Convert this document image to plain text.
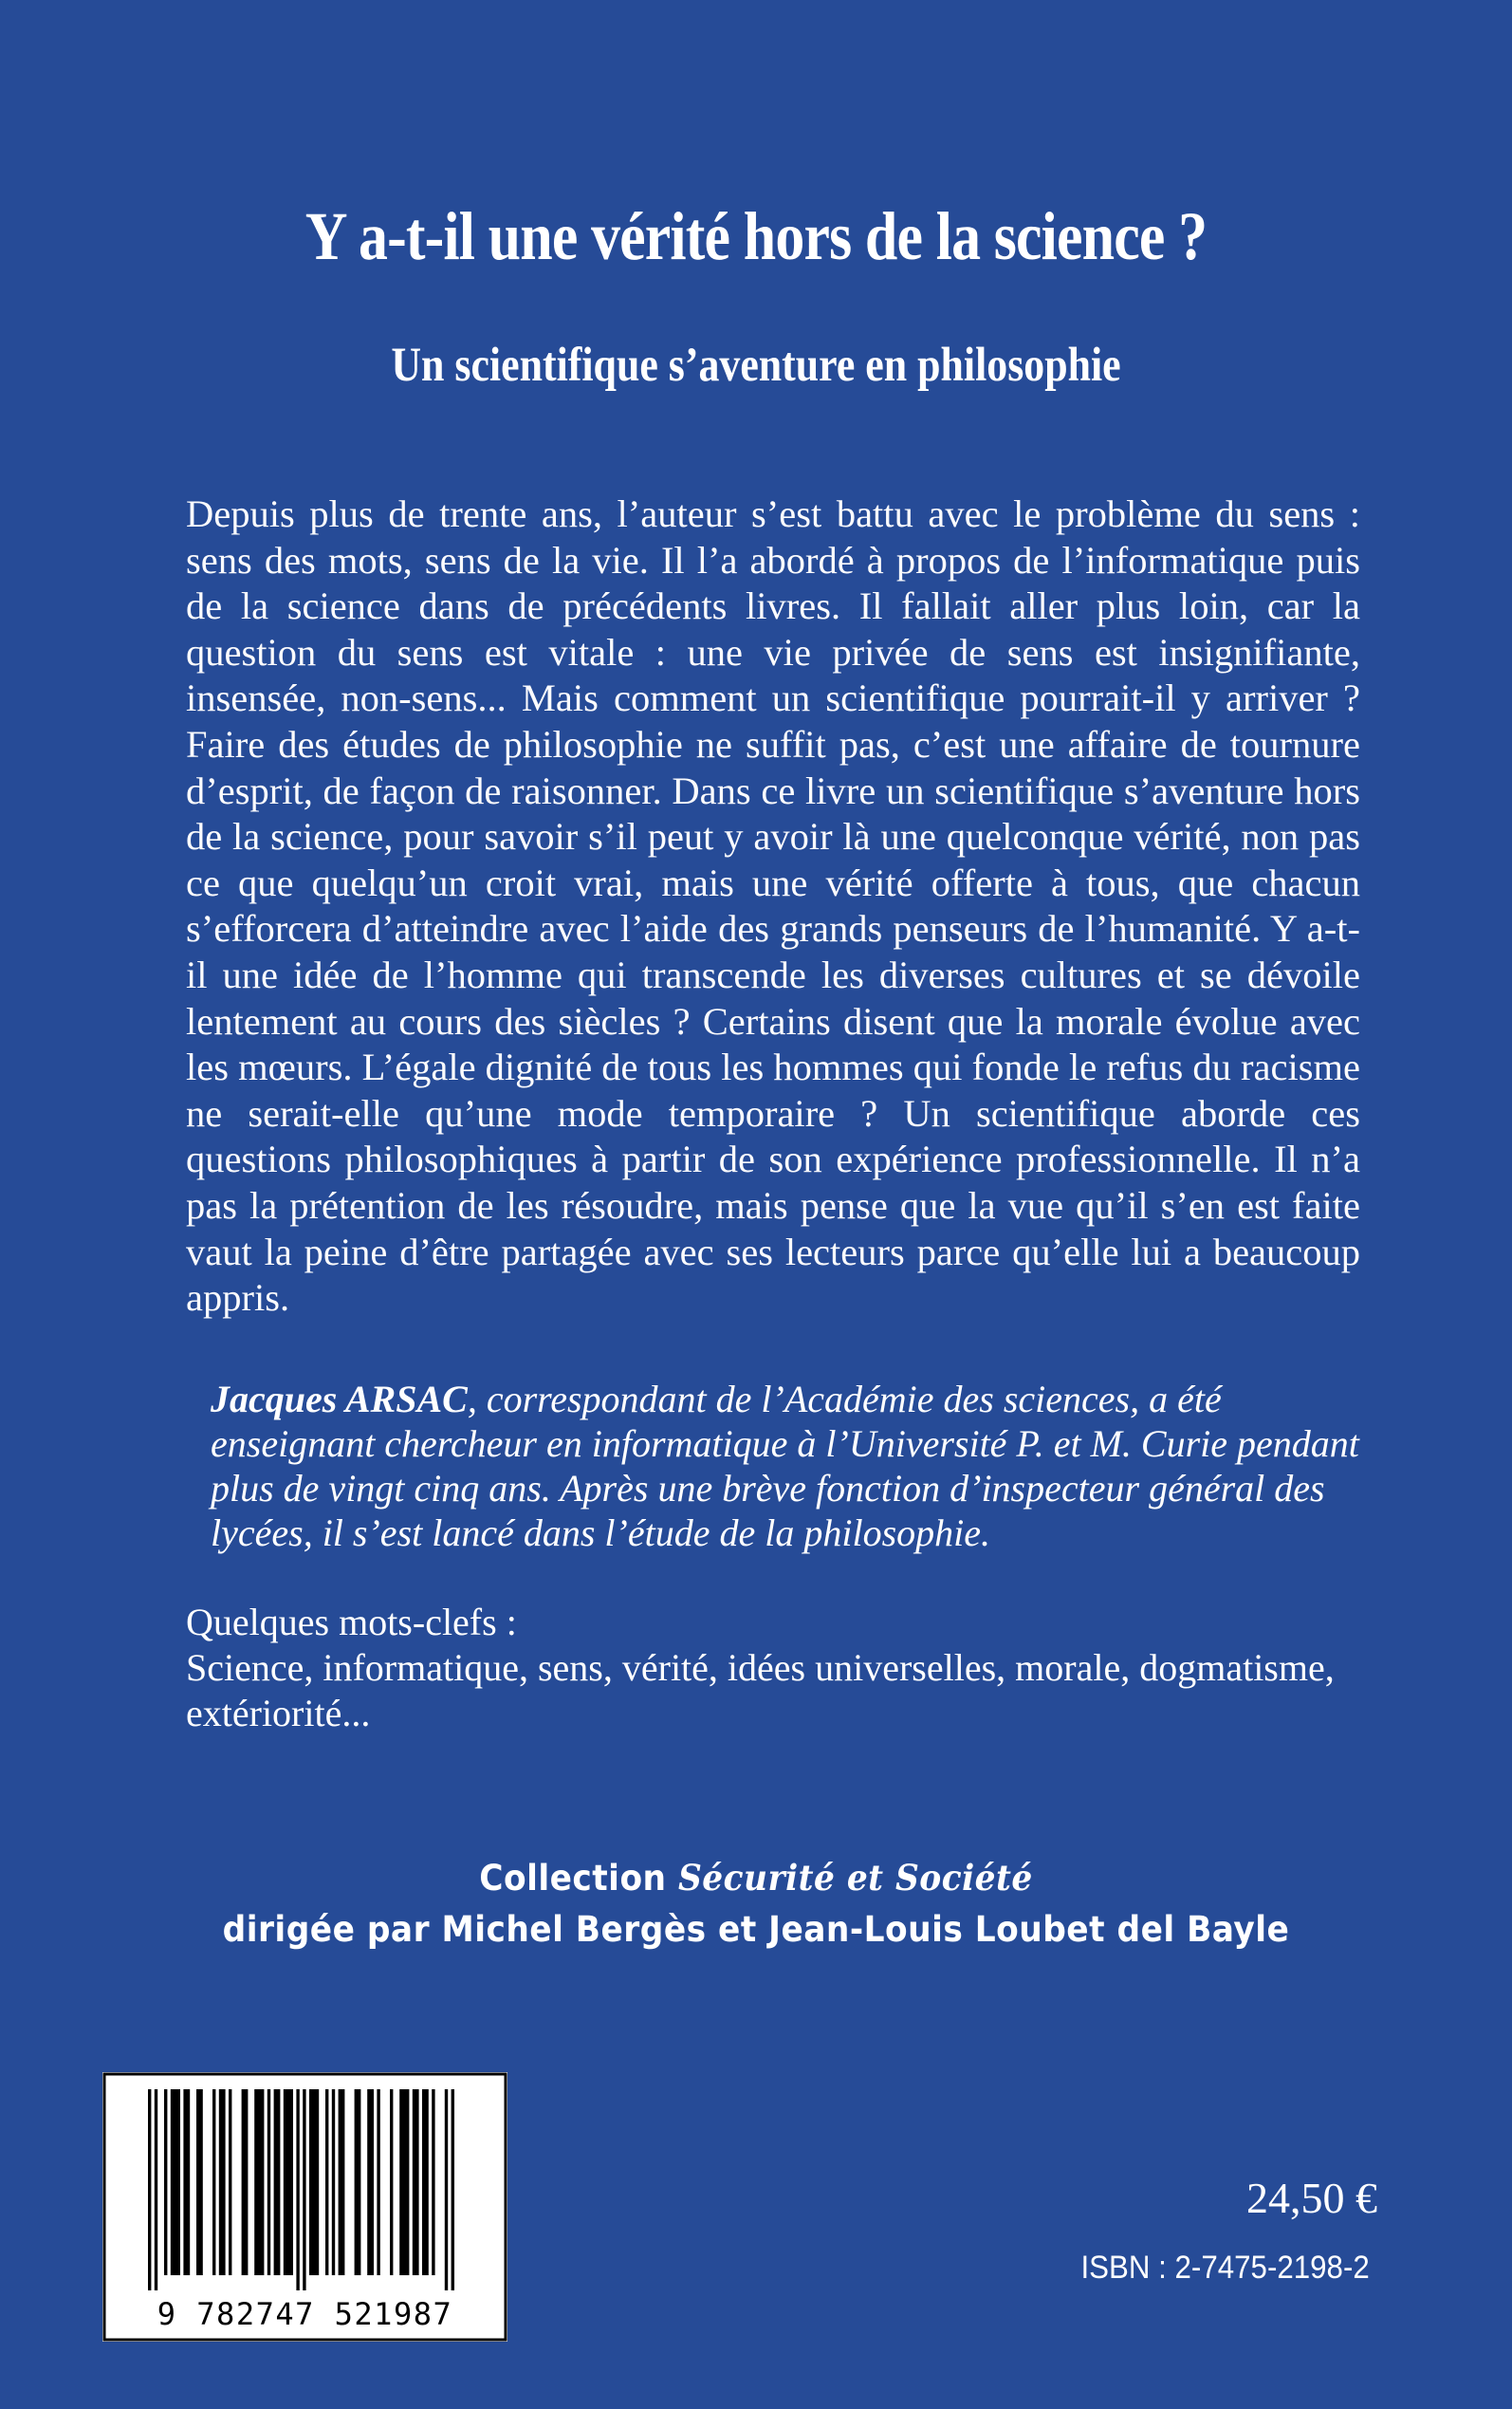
Y a-t-il une vérité hors de la science ?
Un scientifique s’aventure en philosophie

Depuis plus de trente ans, l’auteur s’est battu avec le problème du sens : sens des mots, sens de la vie. Il l’a abordé à propos de l’informatique puis de la science dans de précédents livres. Il fallait aller plus loin, car la question du sens est vitale : une vie privée de sens est insignifiante, insensée, non-sens... Mais comment un scientifique pourrait-il y arriver ? Faire des études de philosophie ne suffit pas, c’est une affaire de tournure d’esprit, de façon de raisonner. Dans ce livre un scientifique s’aventure hors de la science, pour savoir s’il peut y avoir là une quelconque vérité, non pas ce que quelqu’un croit vrai, mais une vérité offerte à tous, que chacun s’efforcera d’atteindre avec l’aide des grands penseurs de l’humanité. Y a-t-il une idée de l’homme qui transcende les diverses cultures et se dévoile lentement au cours des siècles ? Certains disent que la morale évolue avec les mœurs. L’égale dignité de tous les hommes qui fonde le refus du racisme ne serait-elle qu’une mode temporaire ? Un scientifique aborde ces questions philosophiques à partir de son expérience professionnelle. Il n’a pas la prétention de les résoudre, mais pense que la vue qu’il s’en est faite vaut la peine d’être partagée avec ses lecteurs parce qu’elle lui a beaucoup appris.

Jacques ARSAC, correspondant de l’Académie des sciences, a été enseignant chercheur en informatique à l’Université P. et M. Curie pendant plus de vingt cinq ans. Après une brève fonction d’inspecteur général des lycées, il s’est lancé dans l’étude de la philosophie.

Quelques mots-clefs :
Science, informatique, sens, vérité, idées universelles, morale, dogmatisme, extériorité...
Collection Sécurité et Société
dirigée par Michel Bergès et Jean-Louis Loubet del Bayle
9 782747 521987

24,50 €

ISBN : 2-7475-2198-2
